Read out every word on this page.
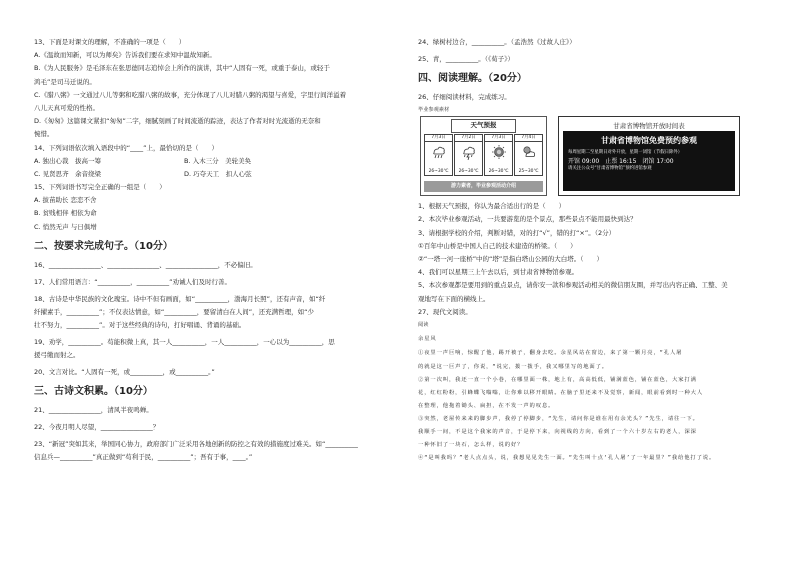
13、下面是对课文的理解，不准确的一项是（　　）

A.《温故而知新，可以为师矣》告诉我们要在求知中温故知新。

B.《为人民服务》是毛泽东在张思德同志追悼会上所作的演讲，其中“人固有一死，或重于泰山，或轻于

鸿毛”是司马迁说的。

C.《腊八粥》一文通过八儿等粥和吃腊八粥的故事，充分体现了八儿对腊八粥的渴望与喜爱，字里行间洋溢着

八儿天真可爱的性格。

D.《匆匆》这篇课文紧扣“匆匆”二字，细腻刻画了时间流逝的踪迹，表达了作者对时光流逝的无奈和

惋惜。

14、下列词语依次填入语段中的“____”上，最恰切的是（　　）

A. 独出心裁　拔高一筹	B. 入木三分　美轮美奂

C. 见贤思齐　余音绕梁	D. 巧夺天工　扣人心弦

15、下列词语书写完全正确的一组是（　　）

A. 拔苗助长 恋恋不舍

B. 贫贱相伴 相依为命

C. 悄然无声 与日俱增

二、按要求完成句子。（10分）

16、________________、________________、________________，不必偏旧。

17、人们常用语言：“__________，__________”劝诫人们及时行善。

18、古诗是中华民族的文化瑰宝。诗中不但有画面，如“__________，渤海月长照”，还有声音，如“纤

纤擢素手，__________”；不仅表达情意，如“__________，要留清白在人间”，还充满哲理，如“少

壮不努力，__________”。对于这些经典的诗句，打好唱诵、背诵的基础。

19、劝学，__________。苟能积微上真，其一人__________，一人__________，一心以为__________，思

援弓缴而射之。

20、文言对比。“人固有一死，或__________，或__________。”

三、古诗文积累。（10分）

21、________________，清风半夜鸣蝉。

22、今夜月明人尽望，________________？

23、“新冠”突如其来，举国同心协力，政府部门广泛采用各地创新的防控之有效的措施度过难关。如“__________

信息兵—__________”真正做到“苟利于民，__________”；吾有于事，____。”

24、绿树村边合，__________。（孟浩然《过故人庄》）

25、青，__________。（《荀子》）

四、阅读理解。（20分）

26、仔细阅读材料，完成练习。

毕业参观素材

天气预报
7月3日
26~30℃
7月2日
26~30℃
7月3日
26~30℃
7月4日
25~30℃
游力素者，毕业参观活动介绍
甘肃省博物馆开放时间表
甘肃省博物馆免费预约参观
每周星期二至星期日对外开放，星期一闭馆（节假日除外）
开馆 09:00 止票 16:15 闭馆 17:00
请关注公众号“甘肃省博物馆”预约进馆参观

1、根据天气预报，你认为最合适出行的是（　　）

2、本次毕业参观活动，一共要游览的是个景点，那些景点不能用最快到达？

3、请根据学校的介绍，判断对错，对的打“√”，错的打“×”。（2分）

①百年中山桥是中国人自己的技术建造的桥梁。（　　）

②“一塔一河一座桥”中的“塔”是指白塔山公园的大白塔。（　　）

4、我们可以星期三上午去以后，到甘肃省博物馆参观。

5、本次参观都是要用到的重点景点，请你安一款和参观活动相关的微信朋友圈，并写出内容正确、工整、美

观地写在下面的横线上。

27、现代文阅读。

阅读

余星风

①夜里一声巨响，惊醒了他，踢开被子，翻身去吃。余星风站在窗边，来了第一颗月亮，“孔人屠

的就是这一巨声了，你说，“说完，拨一拨手，我又哪里写的地面了。

②第一次叫，我还一直一个小巷，在哪里面一株，地上有，高高低低，铺满蓝色，铺在蓝色，大家打满

花，红红粉粉，引蜂蝶飞嗡嗡，让你难以移开眼睛。在脑子里还来不及觉察，新闻，眼前看到时一种大人

在整理，他拖着锄头、扁担，在不发一声的叹息。

③突然，老屋传来来的脚步声，我停了停脚步，“先生，请问你是谁在用有余光头？”先生，请往一下。

我顺手一间，不是这个我家的声音，于是停下来，向视线的方向，看到了一个六十岁左右的老人，深深

一种怀旧了一块石，怎么样，说的好？

④“是叫我吗？”老人点点头，说，我想见见先生一面。“先生叫十点‘孔人屠’了一年最里？”我给他打了说。
